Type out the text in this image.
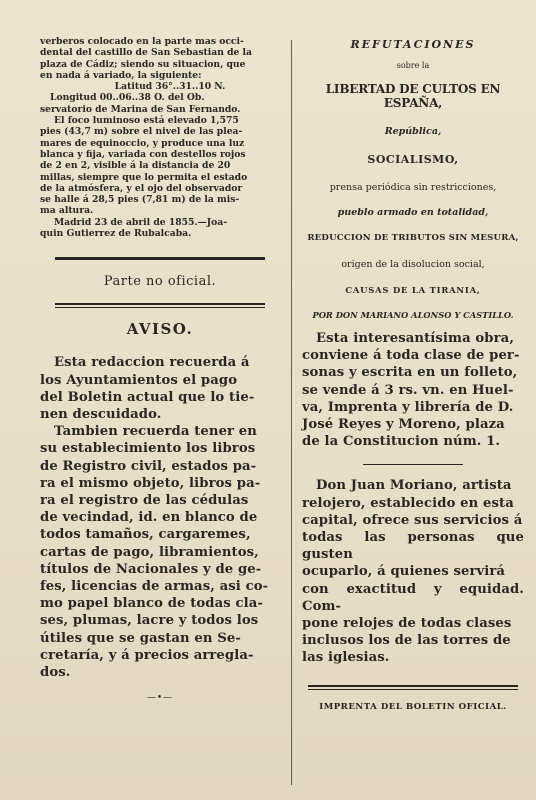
verberos colocado en la parte mas occi-
dental del castillo de San Sebastian de la
plaza de Cádiz; siendo su situacion, que
en nada á variado, la siguiente:
Latitud 36°..31..10 N.
Longitud 00..06..38 O. del Ob.
servatorio de Marina de San Fernando.
El foco luminoso está elevado 1,575
pies (43,7 m) sobre el nivel de las plea-
mares de equinoccio, y produce una luz
blanca y fija, variada con destellos rojos
de 2 en 2, visible á la distancia de 20
millas, siempre que lo permita el estado
de la atmósfera, y el ojo del observador
se halle á 28,5 pies (7,81 m) de la mis-
ma altura.
Madrid 23 de abril de 1855.—Joa-
quin Gutierrez de Rubalcaba.
Parte no oficial.
AVISO.
Esta redaccion recuerda á
los Ayuntamientos el pago
del Boletin actual que lo tie-
nen descuidado.
Tambien recuerda tener en
su establecimiento los libros
de Registro civil, estados pa-
ra el mismo objeto, libros pa-
ra el registro de las cédulas
de vecindad, id. en blanco de
todos tamaños, cargaremes,
cartas de pago, libramientos,
títulos de Nacionales y de ge-
fes, licencias de armas, asi co-
mo papel blanco de todas cla-
ses, plumas, lacre y todos los
útiles que se gastan en Se-
cretaría, y á precios arregla-
dos.
—•—
REFUTACIONES
sobre la
LIBERTAD DE CULTOS EN ESPAÑA,
República,
SOCIALISMO,
prensa periódica sin restricciones,
pueblo armado en totalidad,
REDUCCION DE TRIBUTOS SIN MESURA,
origen de la disolucion social,
CAUSAS DE LA TIRANIA,
POR DON MARIANO ALONSO Y CASTILLO.
Esta interesantísima obra,
conviene á toda clase de per-
sonas y escrita en un folleto,
se vende á 3 rs. vn. en Huel-
va, Imprenta y librería de D.
José Reyes y Moreno, plaza
de la Constitucion núm. 1.
Don Juan Moriano, artista
relojero, establecido en esta
capital, ofrece sus servicios á
todas las personas que gusten
ocuparlo, á quienes servirá
con exactitud y equidad. Com-
pone relojes de todas clases
inclusos los de las torres de
las iglesias.
IMPRENTA DEL BOLETIN OFICIAL.
